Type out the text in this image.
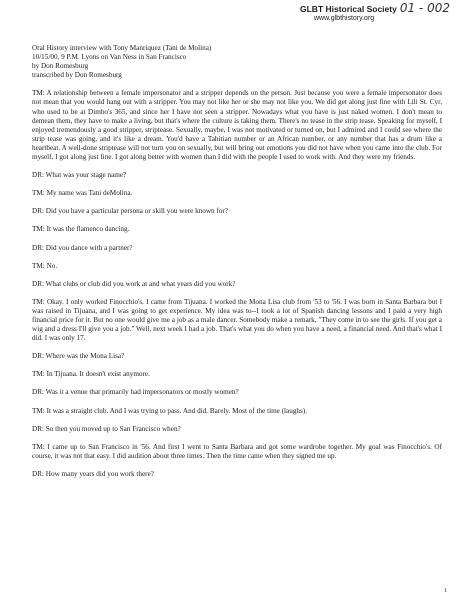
GLBT Historical Society 01 - 002
www.glbthistory.org
Oral History interview with Tony Manriquez (Tani de Molina)
10/15/00, 9 P.M. Lyons on Van Ness in San Francisco
by Don Romesburg
transcribed by Don Romesburg

TM: A relationship between a female impersonator and a stripper depends on the person. Just because you were a female impersonator does not mean that you would hang out with a stripper. You may not like her or she may not like you. We did get along just fine with Lili St. Cyr, who used to be at Dimbo's 365, and since her I have not seen a stripper. Nowadays what you have is just naked women. I don't mean to demean them, they have to make a living, but that's where the culture is taking them. There's no tease in the strip tease. Speaking for myself, I enjoyed tremendously a good stripper, striptease. Sexually, maybe, I was not motivated or turned on, but I admired and I could see where the strip tease was going, and it's like a dream. You'd have a Tahitian number or an African number, or any number that has a drum like a heartbeat. A well-done striptease will not turn you on sexually, but will bring out emotions you did not have when you came into the club. For myself, I got along just fine. I got along better with women than I did with the people I used to work with. And they were my friends.

DR: What was your stage name?

TM: My name was Tani deMolina.

DR: Did you have a particular persona or skill you were known for?

TM: It was the flamenco dancing.

DR: Did you dance with a partner?

TM: No.

DR: What clubs or club did you work at and what years did you work?

TM: Okay. I only worked Finocchio's. I came from Tijuana. I worked the Mona Lisa club from '53 to '56. I was born in Santa Barbara but I was raised in Tijuana, and I was going to get experience. My idea was to--I took a lot of Spanish dancing lessons and I paid a very high financial price for it. But no one would give me a job as a male dancer. Somebody make a remark, "They come in to see the girls. If you get a wig and a dress I'll give you a job." Well, next week I had a job. That's what you do when you have a need, a financial need. And that's what I did. I was only 17.

DR: Where was the Mona Lisa?

TM: In Tijuana. It doesn't exist anymore.

DR: Was it a venue that primarily had impersonators or mostly women?

TM: It was a straight club. And I was trying to pass. And did. Barely. Most of the time (laughs).

DR: So then you moved up to San Francisco when?

TM: I came up to San Francisco in '56. And first I went to Santa Barbara and got some wardrobe together. My goal was Finocchio's. Of course, it was not that easy. I did audition about three times. Then the time came when they signed me up.

DR: How many years did you work there?

1
